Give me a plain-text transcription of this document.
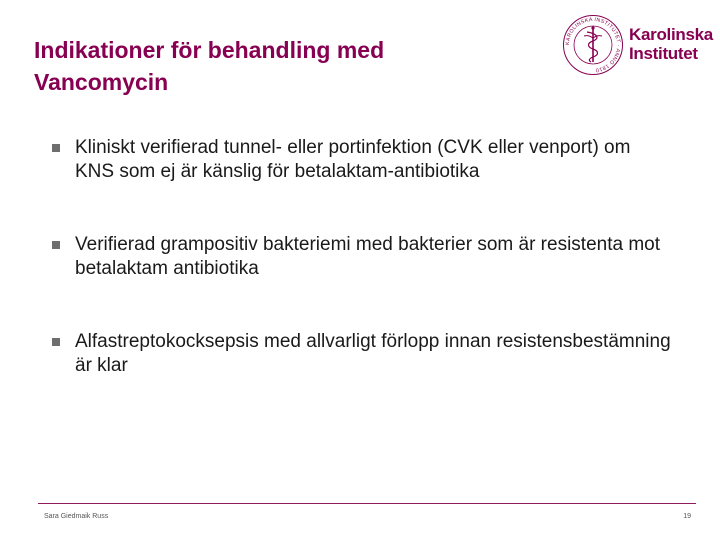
Indikationer för behandling med
Vancomycin
KAROLINSKA INSTITUTET · ANNO 1810
Karolinska
Institutet
Kliniskt verifierad tunnel- eller portinfektion (CVK eller venport) om KNS som ej är känslig för betalaktam-antibiotika
Verifierad grampositiv bakteriemi med bakterier som är resistenta mot betalaktam antibiotika
Alfastreptokocksepsis med allvarligt förlopp innan resistensbestämning är klar
Sara Giedmaik Russ	19
